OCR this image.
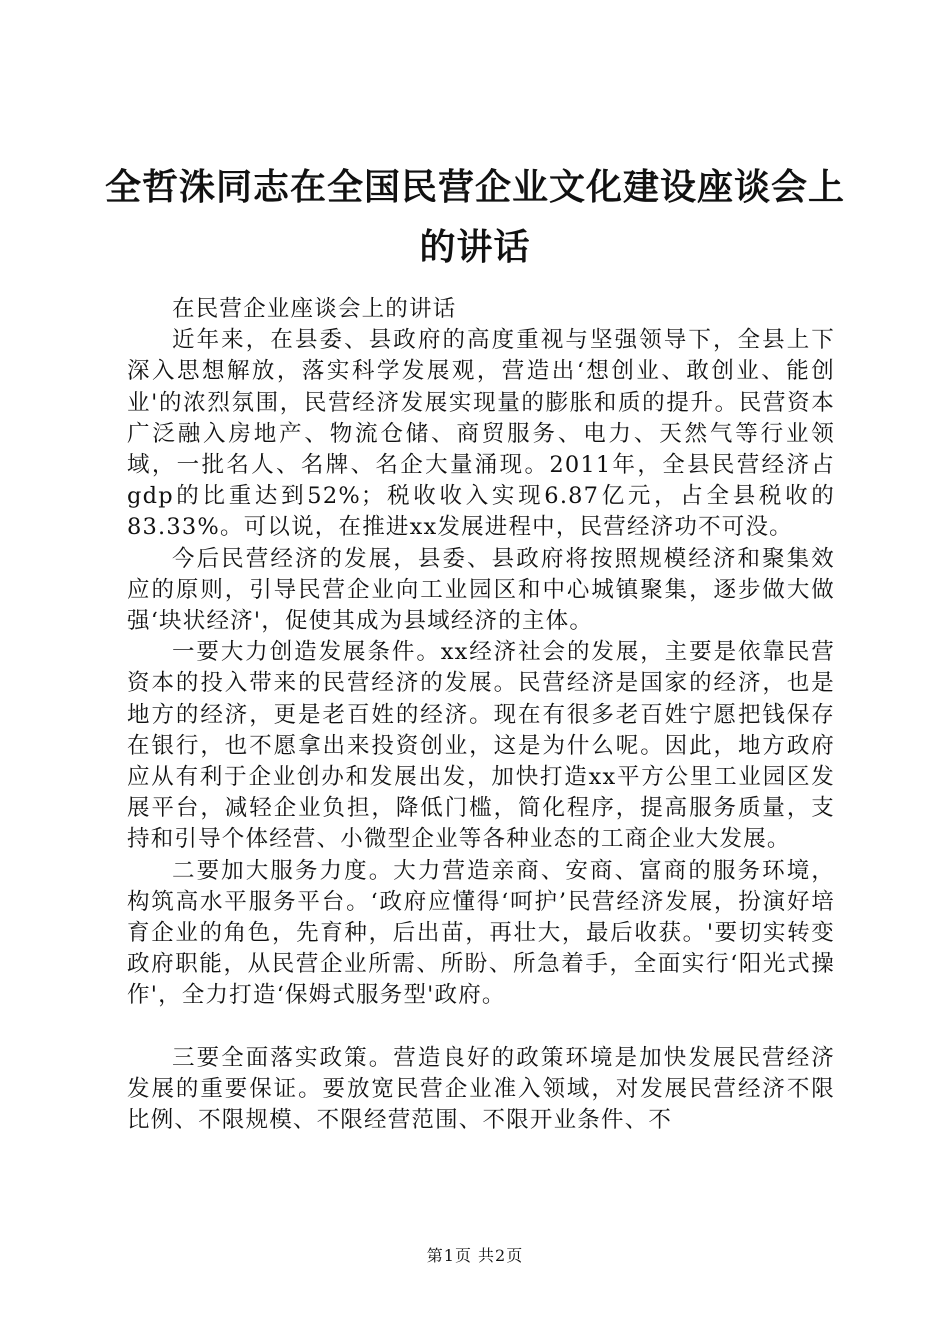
全哲洙同志在全国民营企业文化建设座谈会上的讲话

在民营企业座谈会上的讲话

近年来，在县委、县政府的高度重视与坚强领导下，全县上下深入思想解放，落实科学发展观，营造出‘想创业、敢创业、能创业'的浓烈氛围，民营经济发展实现量的膨胀和质的提升。民营资本广泛融入房地产、物流仓储、商贸服务、电力、天然气等行业领域，一批名人、名牌、名企大量涌现。2011年，全县民营经济占gdp的比重达到52%；税收收入实现6.87亿元，占全县税收的83.33%。可以说，在推进xx发展进程中，民营经济功不可没。

今后民营经济的发展，县委、县政府将按照规模经济和聚集效应的原则，引导民营企业向工业园区和中心城镇聚集，逐步做大做强‘块状经济'，促使其成为县域经济的主体。

一要大力创造发展条件。xx经济社会的发展，主要是依靠民营资本的投入带来的民营经济的发展。民营经济是国家的经济，也是地方的经济，更是老百姓的经济。现在有很多老百姓宁愿把钱保存在银行，也不愿拿出来投资创业，这是为什么呢。因此，地方政府应从有利于企业创办和发展出发，加快打造xx平方公里工业园区发展平台，减轻企业负担，降低门槛，简化程序，提高服务质量，支持和引导个体经营、小微型企业等各种业态的工商企业大发展。

二要加大服务力度。大力营造亲商、安商、富商的服务环境，构筑高水平服务平台。‘政府应懂得‘呵护’民营经济发展，扮演好培育企业的角色，先育种，后出苗，再壮大，最后收获。'要切实转变政府职能，从民营企业所需、所盼、所急着手，全面实行‘阳光式操作'，全力打造‘保姆式服务型'政府。

三要全面落实政策。营造良好的政策环境是加快发展民营经济发展的重要保证。要放宽民营企业准入领域，对发展民营经济不限比例、不限规模、不限经营范围、不限开业条件、不

第1页 共2页
